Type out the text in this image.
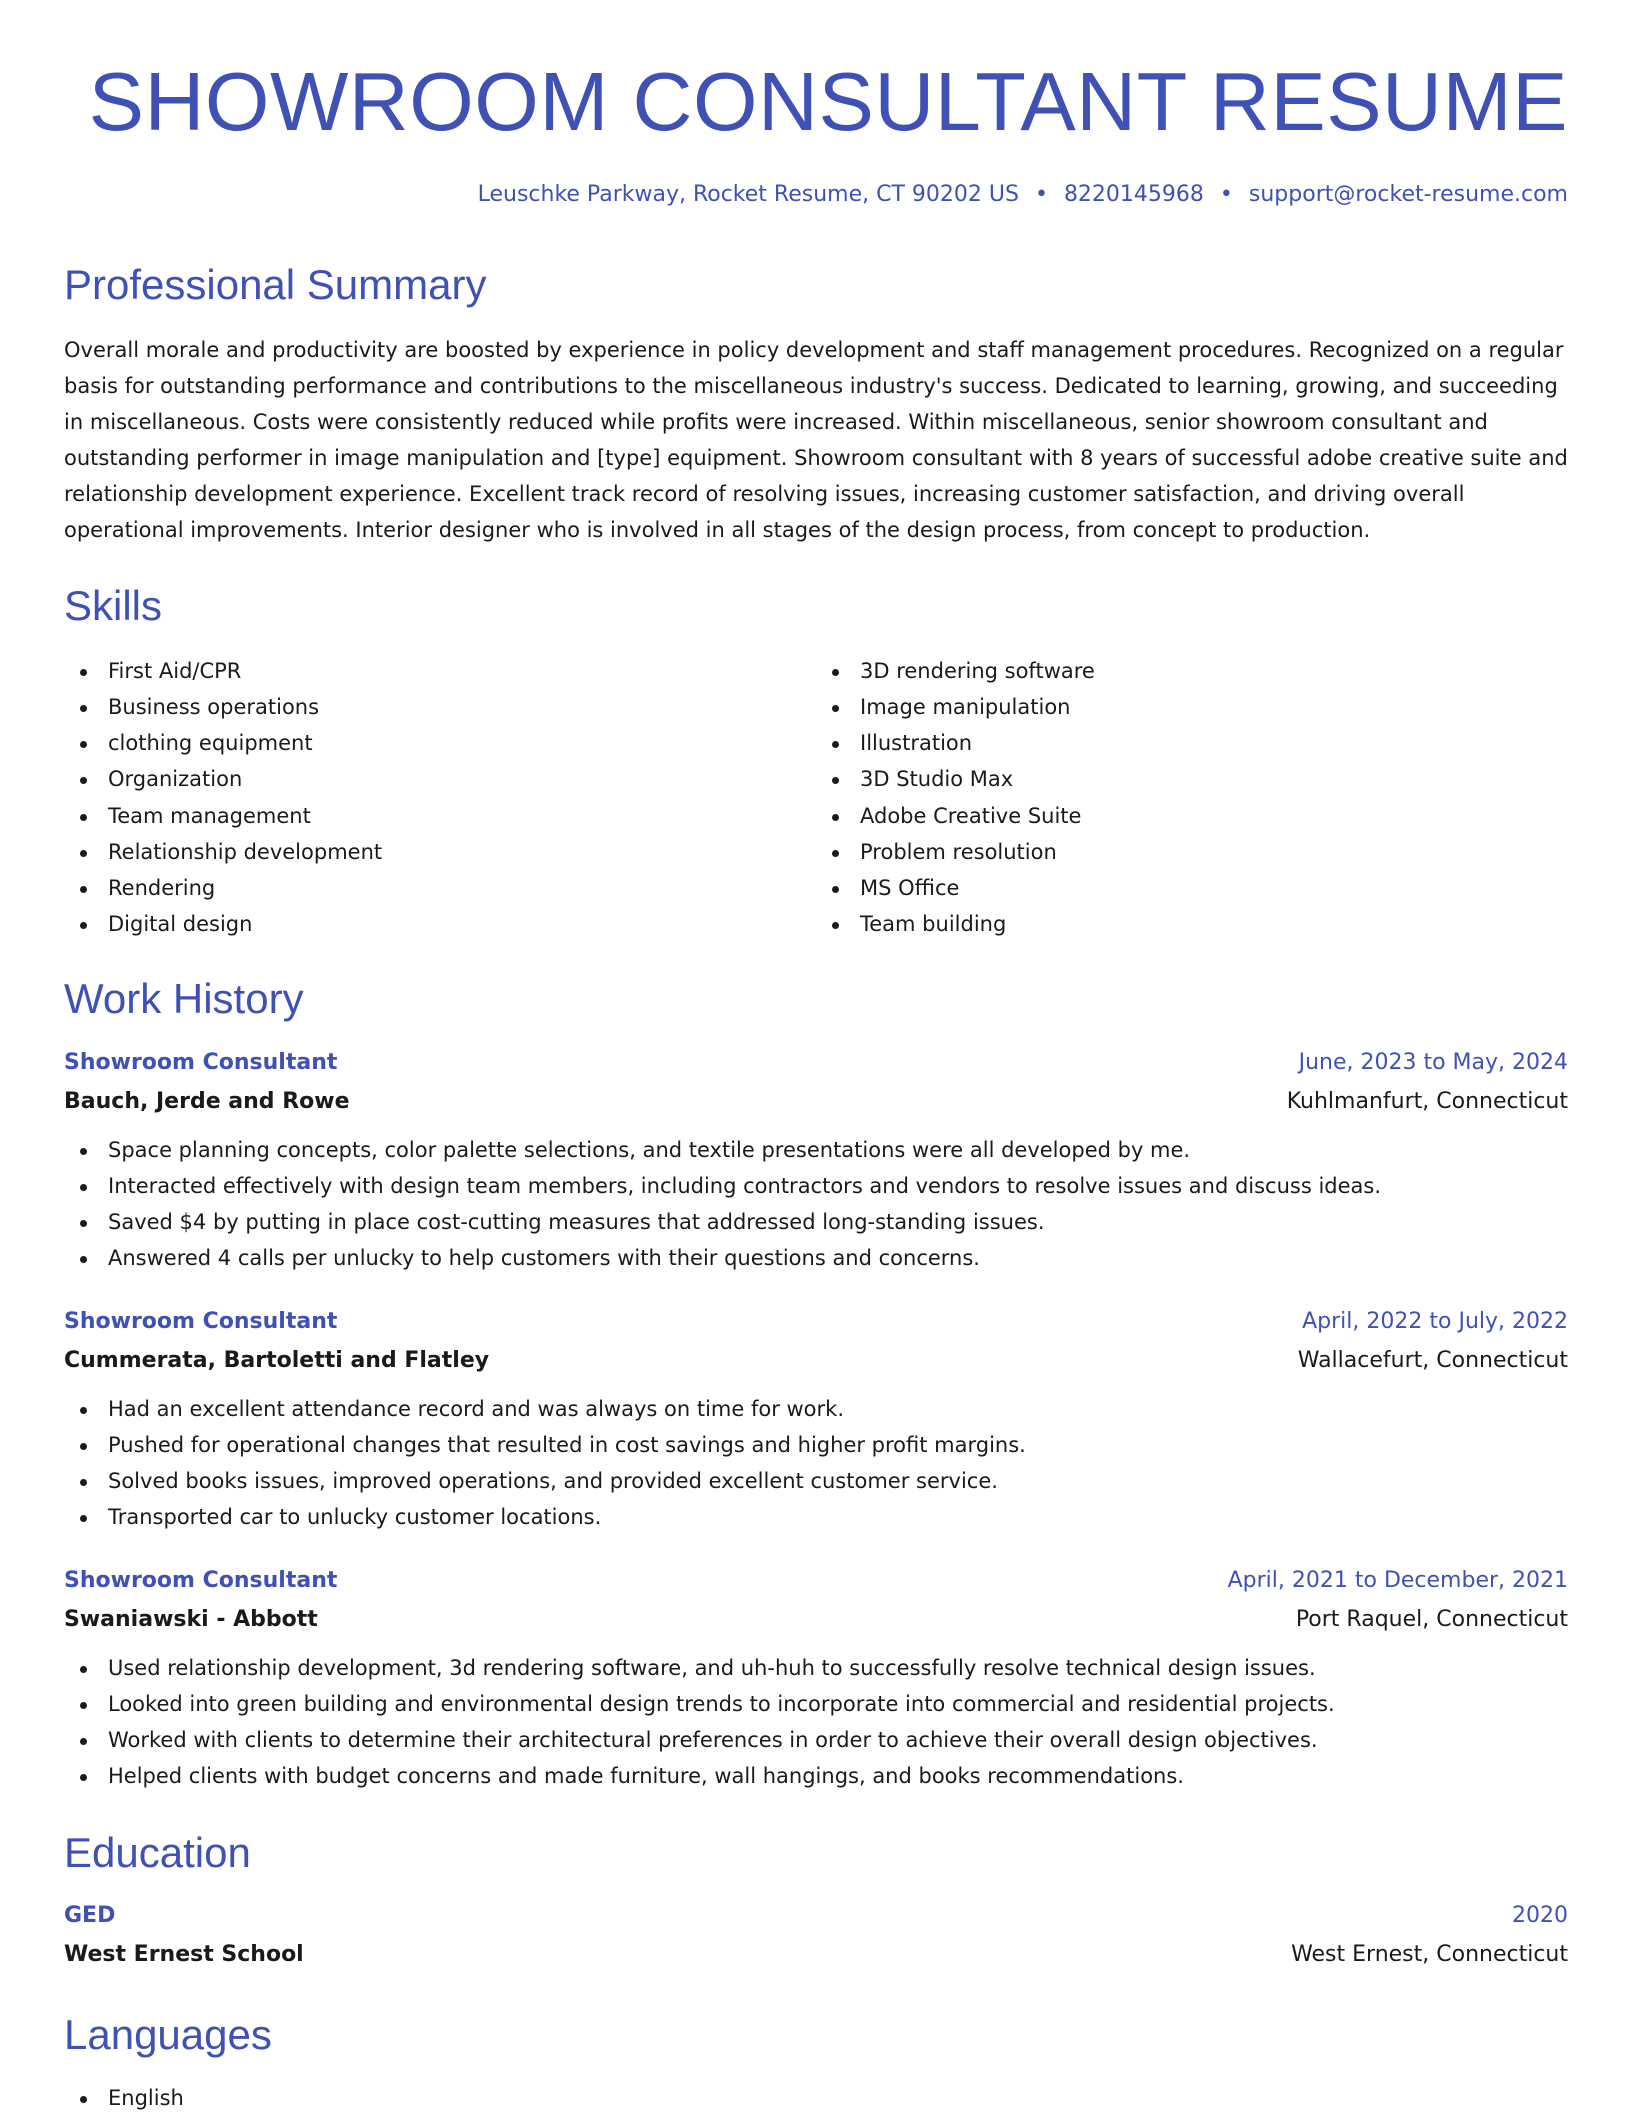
SHOWROOM CONSULTANT RESUME
Leuschke Parkway, Rocket Resume, CT 90202 US • 8220145968 • support@rocket-resume.com
Professional Summary

Overall morale and productivity are boosted by experience in policy development and staff management procedures. Recognized on a regular basis for outstanding performance and contributions to the miscellaneous industry's success. Dedicated to learning, growing, and succeeding in miscellaneous. Costs were consistently reduced while profits were increased. Within miscellaneous, senior showroom consultant and outstanding performer in image manipulation and [type] equipment. Showroom consultant with 8 years of successful adobe creative suite and relationship development experience. Excellent track record of resolving issues, increasing customer satisfaction, and driving overall operational improvements. Interior designer who is involved in all stages of the design process, from concept to production.

Skills
First Aid/CPR
Business operations
clothing equipment
Organization
Team management
Relationship development
Rendering
Digital design
3D rendering software
Image manipulation
Illustration
3D Studio Max
Adobe Creative Suite
Problem resolution
MS Office
Team building
Work History
Showroom Consultant	June, 2023 to May, 2024
Bauch, Jerde and Rowe	Kuhlmanfurt, Connecticut
Space planning concepts, color palette selections, and textile presentations were all developed by me.
Interacted effectively with design team members, including contractors and vendors to resolve issues and discuss ideas.
Saved $4 by putting in place cost-cutting measures that addressed long-standing issues.
Answered 4 calls per unlucky to help customers with their questions and concerns.
Showroom Consultant	April, 2022 to July, 2022
Cummerata, Bartoletti and Flatley	Wallacefurt, Connecticut
Had an excellent attendance record and was always on time for work.
Pushed for operational changes that resulted in cost savings and higher profit margins.
Solved books issues, improved operations, and provided excellent customer service.
Transported car to unlucky customer locations.
Showroom Consultant	April, 2021 to December, 2021
Swaniawski - Abbott	Port Raquel, Connecticut
Used relationship development, 3d rendering software, and uh-huh to successfully resolve technical design issues.
Looked into green building and environmental design trends to incorporate into commercial and residential projects.
Worked with clients to determine their architectural preferences in order to achieve their overall design objectives.
Helped clients with budget concerns and made furniture, wall hangings, and books recommendations.
Education
GED	2020
West Ernest School	West Ernest, Connecticut
Languages
English
